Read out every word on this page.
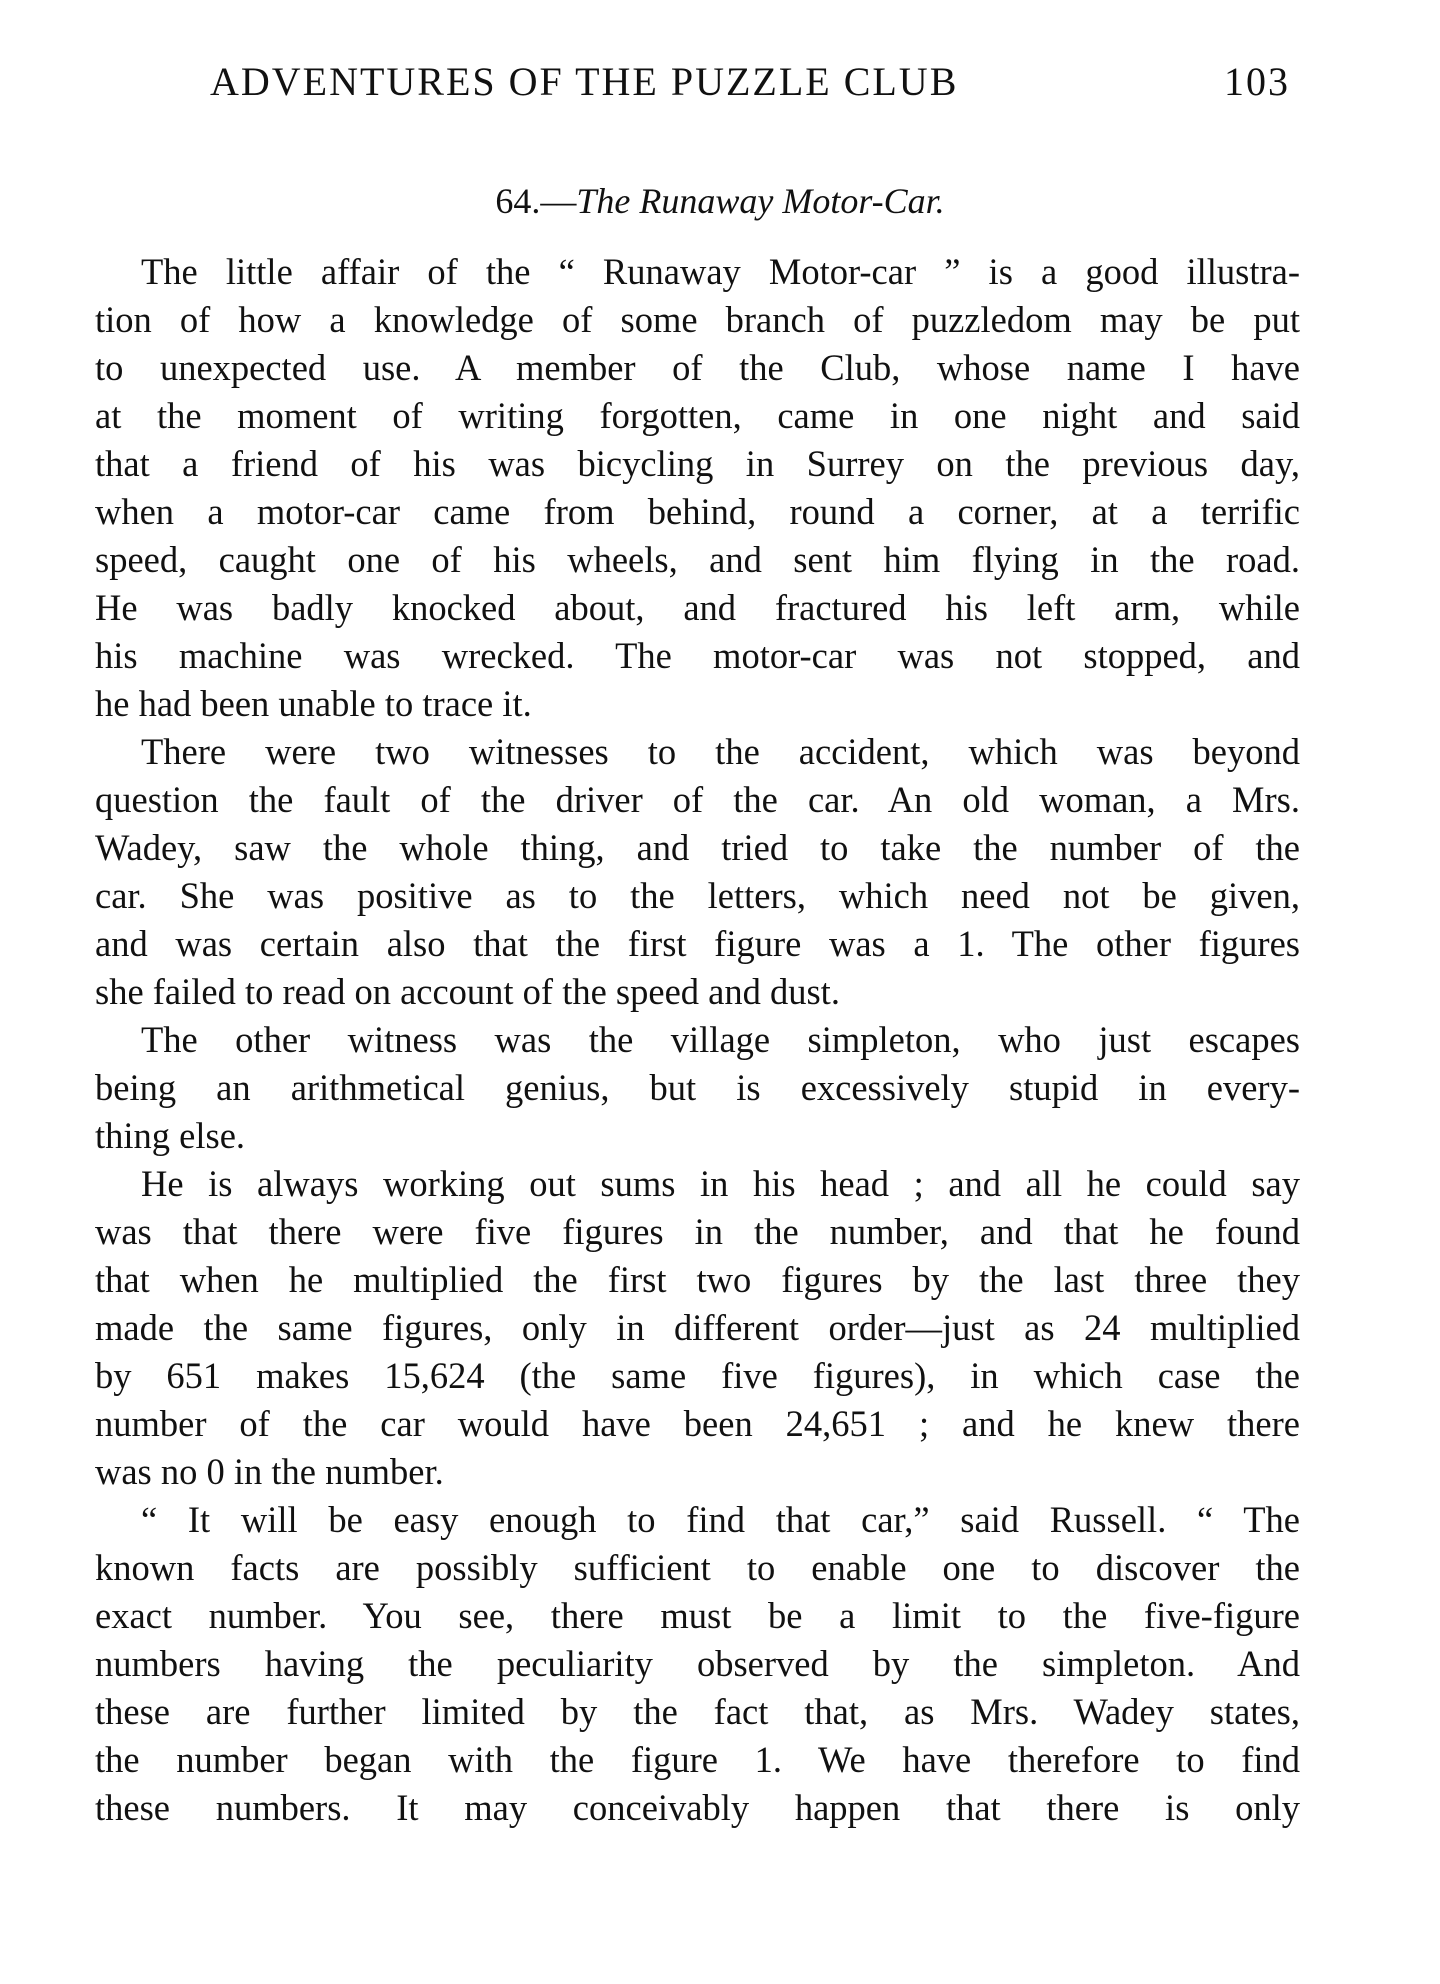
ADVENTURES OF THE PUZZLE CLUB	103
64.—The Runaway Motor-Car.
The little affair of the “ Runaway Motor-car ” is a good illustra-
tion of how a knowledge of some branch of puzzledom may be put
to unexpected use. A member of the Club, whose name I have
at the moment of writing forgotten, came in one night and said
that a friend of his was bicycling in Surrey on the previous day,
when a motor-car came from behind, round a corner, at a terrific
speed, caught one of his wheels, and sent him flying in the road.
He was badly knocked about, and fractured his left arm, while
his machine was wrecked. The motor-car was not stopped, and
he had been unable to trace it.
There were two witnesses to the accident, which was beyond
question the fault of the driver of the car. An old woman, a Mrs.
Wadey, saw the whole thing, and tried to take the number of the
car. She was positive as to the letters, which need not be given,
and was certain also that the first figure was a 1. The other figures
she failed to read on account of the speed and dust.
The other witness was the village simpleton, who just escapes
being an arithmetical genius, but is excessively stupid in every-
thing else.
He is always working out sums in his head ; and all he could say
was that there were five figures in the number, and that he found
that when he multiplied the first two figures by the last three they
made the same figures, only in different order—just as 24 multiplied
by 651 makes 15,624 (the same five figures), in which case the
number of the car would have been 24,651 ; and he knew there
was no 0 in the number.
“ It will be easy enough to find that car,” said Russell. “ The
known facts are possibly sufficient to enable one to discover the
exact number. You see, there must be a limit to the five-figure
numbers having the peculiarity observed by the simpleton. And
these are further limited by the fact that, as Mrs. Wadey states,
the number began with the figure 1. We have therefore to find
these numbers. It may conceivably happen that there is only
